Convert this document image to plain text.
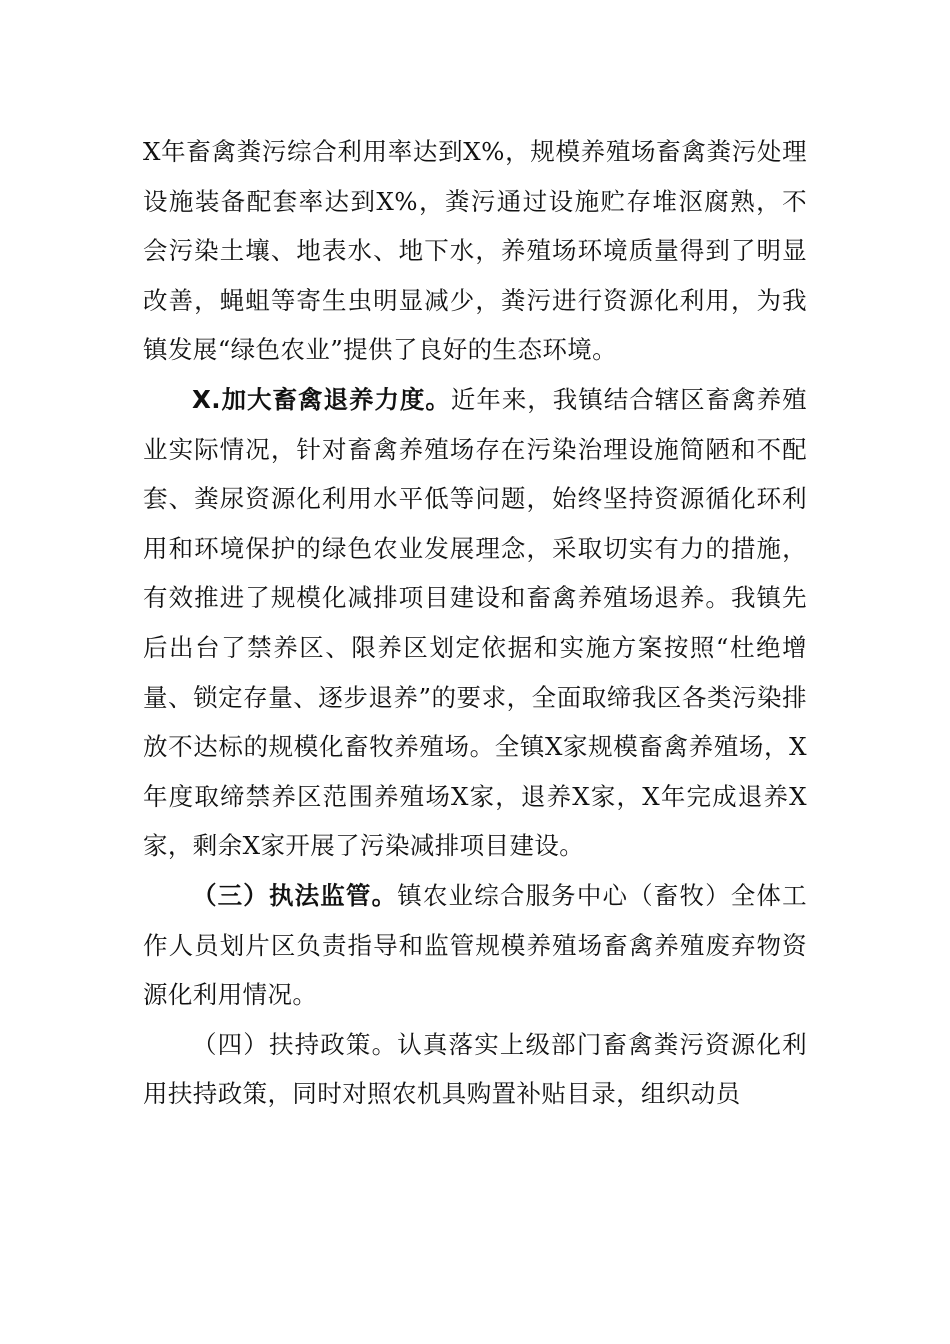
X年畜禽粪污综合利用率达到X%，规模养殖场畜禽粪污处理设施装备配套率达到X%，粪污通过设施贮存堆沤腐熟，不会污染土壤、地表水、地下水，养殖场环境质量得到了明显改善，蝇蛆等寄生虫明显减少，粪污进行资源化利用，为我镇发展“绿色农业”提供了良好的生态环境。

X.加大畜禽退养力度。近年来，我镇结合辖区畜禽养殖业实际情况，针对畜禽养殖场存在污染治理设施简陋和不配套、粪尿资源化利用水平低等问题，始终坚持资源循化环利用和环境保护的绿色农业发展理念，采取切实有力的措施，有效推进了规模化减排项目建设和畜禽养殖场退养。我镇先后出台了禁养区、限养区划定依据和实施方案按照“杜绝增量、锁定存量、逐步退养”的要求，全面取缔我区各类污染排放不达标的规模化畜牧养殖场。全镇X家规模畜禽养殖场，X年度取缔禁养区范围养殖场X家，退养X家，X年完成退养X家，剩余X家开展了污染减排项目建设。

（三）执法监管。镇农业综合服务中心（畜牧）全体工作人员划片区负责指导和监管规模养殖场畜禽养殖废弃物资源化利用情况。

（四）扶持政策。认真落实上级部门畜禽粪污资源化利用扶持政策，同时对照农机具购置补贴目录，组织动员
